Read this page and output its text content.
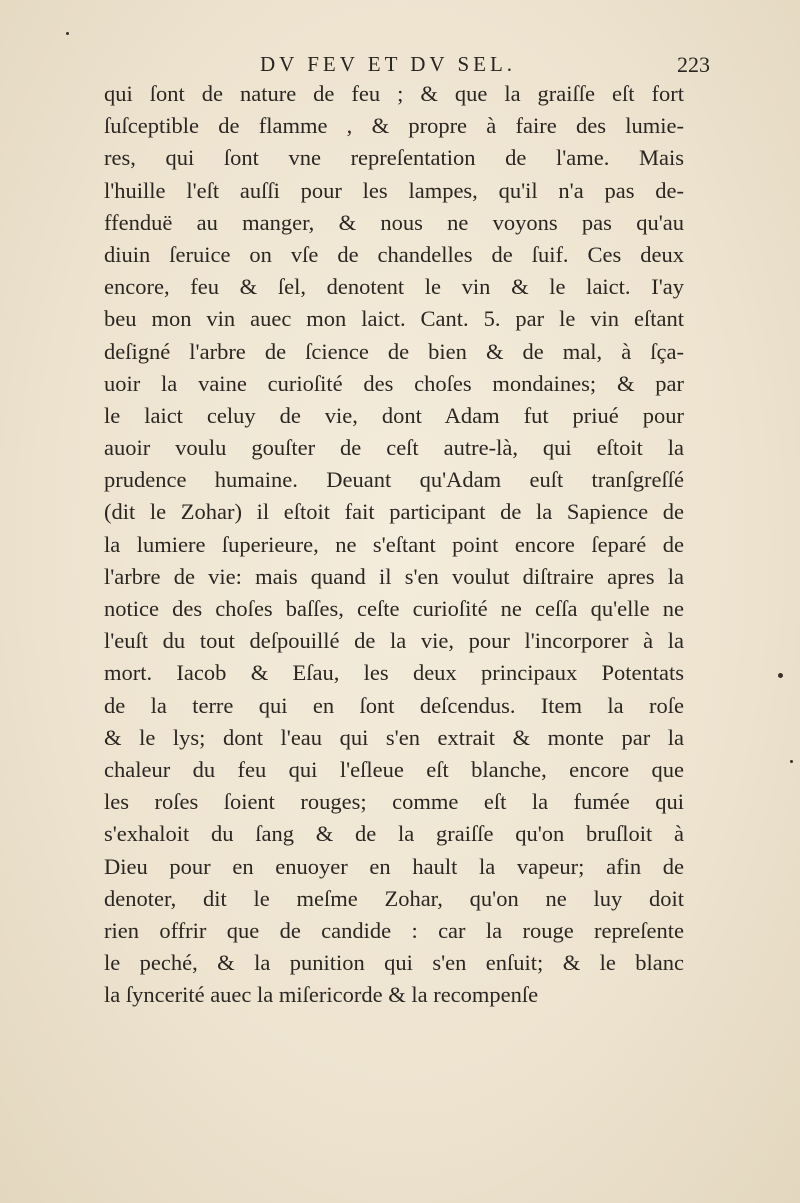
DV FEV ET DV SEL.	223
qui ſont de nature de feu ; & que la graiſſe eſt fort
ſuſceptible de flamme , & propre à faire des lumie-
res, qui ſont vne repreſentation de l'ame. Mais
l'huille l'eſt auſſi pour les lampes, qu'il n'a pas de-
ffenduë au manger, & nous ne voyons pas qu'au
diuin ſeruice on vſe de chandelles de ſuif. Ces deux
encore, feu & ſel, denotent le vin & le laict. I'ay
beu mon vin auec mon laict. Cant. 5. par le vin eſtant
deſigné l'arbre de ſcience de bien & de mal, à ſça-
uoir la vaine curioſité des choſes mondaines; & par
le laict celuy de vie, dont Adam fut priué pour
auoir voulu gouſter de ceſt autre-là, qui eſtoit la
prudence humaine. Deuant qu'Adam euſt tranſgreſſé
(dit le Zohar) il eſtoit fait participant de la Sapience de
la lumiere ſuperieure, ne s'eſtant point encore ſeparé de
l'arbre de vie: mais quand il s'en voulut diſtraire apres la
notice des choſes baſſes, ceſte curioſité ne ceſſa qu'elle ne
l'euſt du tout deſpouillé de la vie, pour l'incorporer à la
mort. Iacob & Eſau, les deux principaux Potentats
de la terre qui en ſont deſcendus. Item la roſe
& le lys; dont l'eau qui s'en extrait & monte par la
chaleur du feu qui l'eſleue eſt blanche, encore que
les roſes ſoient rouges; comme eſt la fumée qui
s'exhaloit du ſang & de la graiſſe qu'on bruſloit à
Dieu pour en enuoyer en hault la vapeur; afin de
denoter, dit le meſme Zohar, qu'on ne luy doit
rien offrir que de candide : car la rouge repreſente
le peché, & la punition qui s'en enſuit; & le blanc
la ſyncerité auec la miſericorde & la recompenſe
